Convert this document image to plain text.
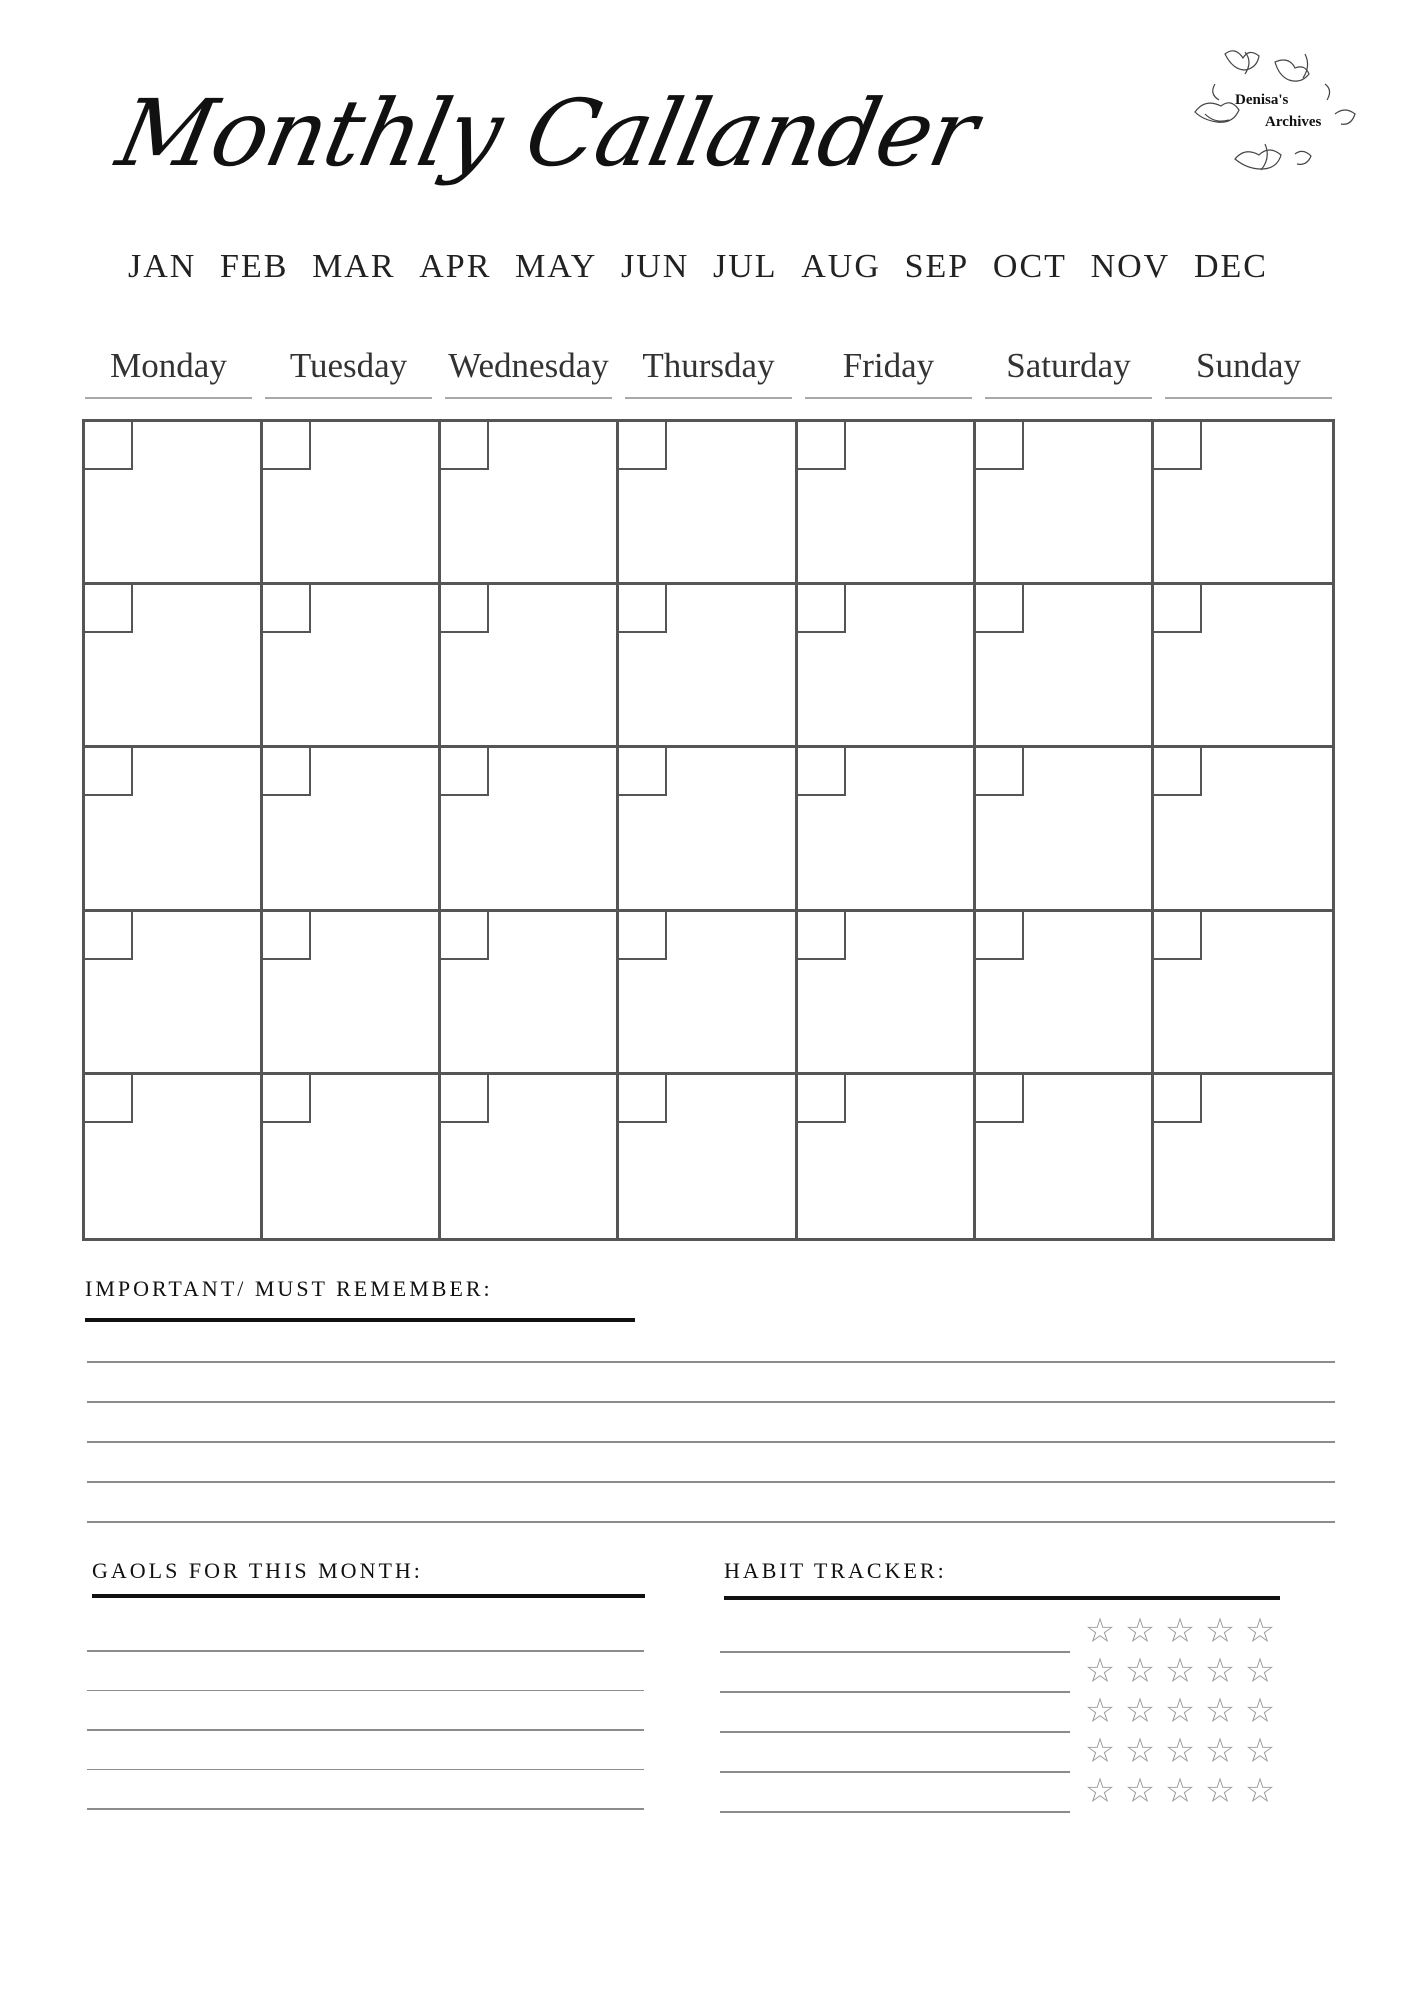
Monthly Callander	Denisa's
Archives
JAN FEB MAR APR MAY JUN JUL AUG SEP OCT NOV DEC
Monday	Tuesday	Wednesday Thursday	Friday	Saturday	Sunday
IMPORTANT/ MUST REMEMBER:
GAOLS FOR THIS MONTH:	HABIT TRACKER:
☆ ☆ ☆ ☆ ☆
☆ ☆ ☆ ☆ ☆
☆ ☆ ☆ ☆ ☆
☆ ☆ ☆ ☆ ☆
☆ ☆ ☆ ☆ ☆
